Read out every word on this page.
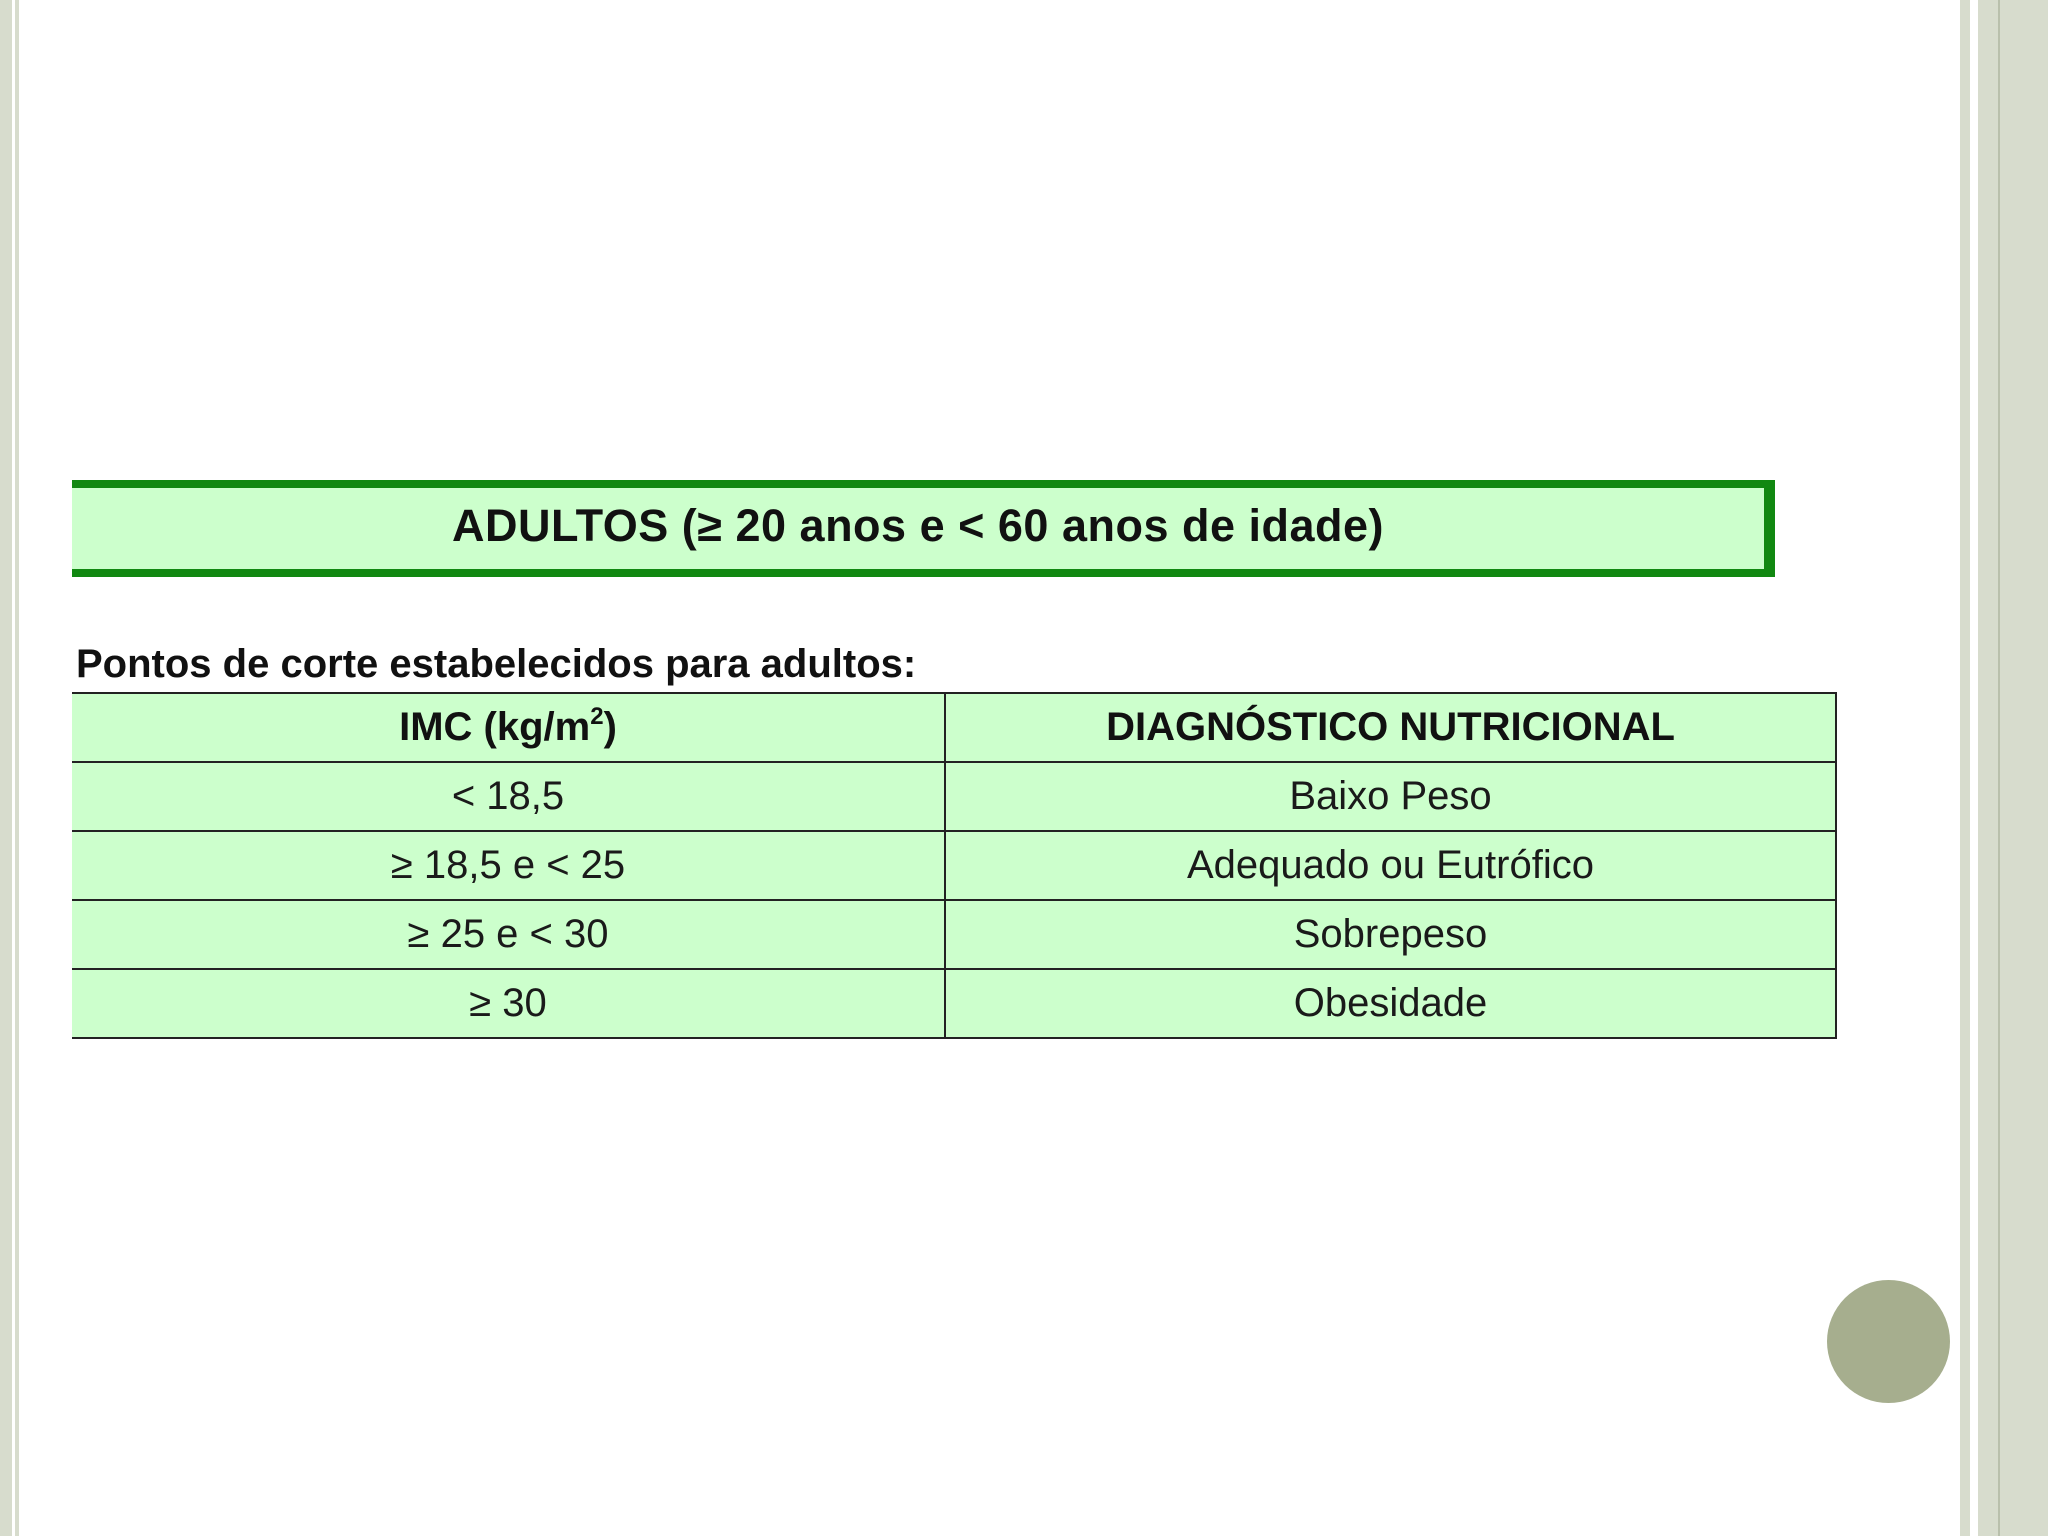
ADULTOS (≥ 20 anos e < 60 anos de idade)
Pontos de corte estabelecidos para adultos:
IMC $(kg/m^2)$	DIAGNÓSTICO NUTRICIONAL
< 18,5	Baixo Peso
≥ 18,5 e < 25	Adequado ou Eutrófico
≥ 25 e < 30	Sobrepeso
≥ 30	Obesidade
